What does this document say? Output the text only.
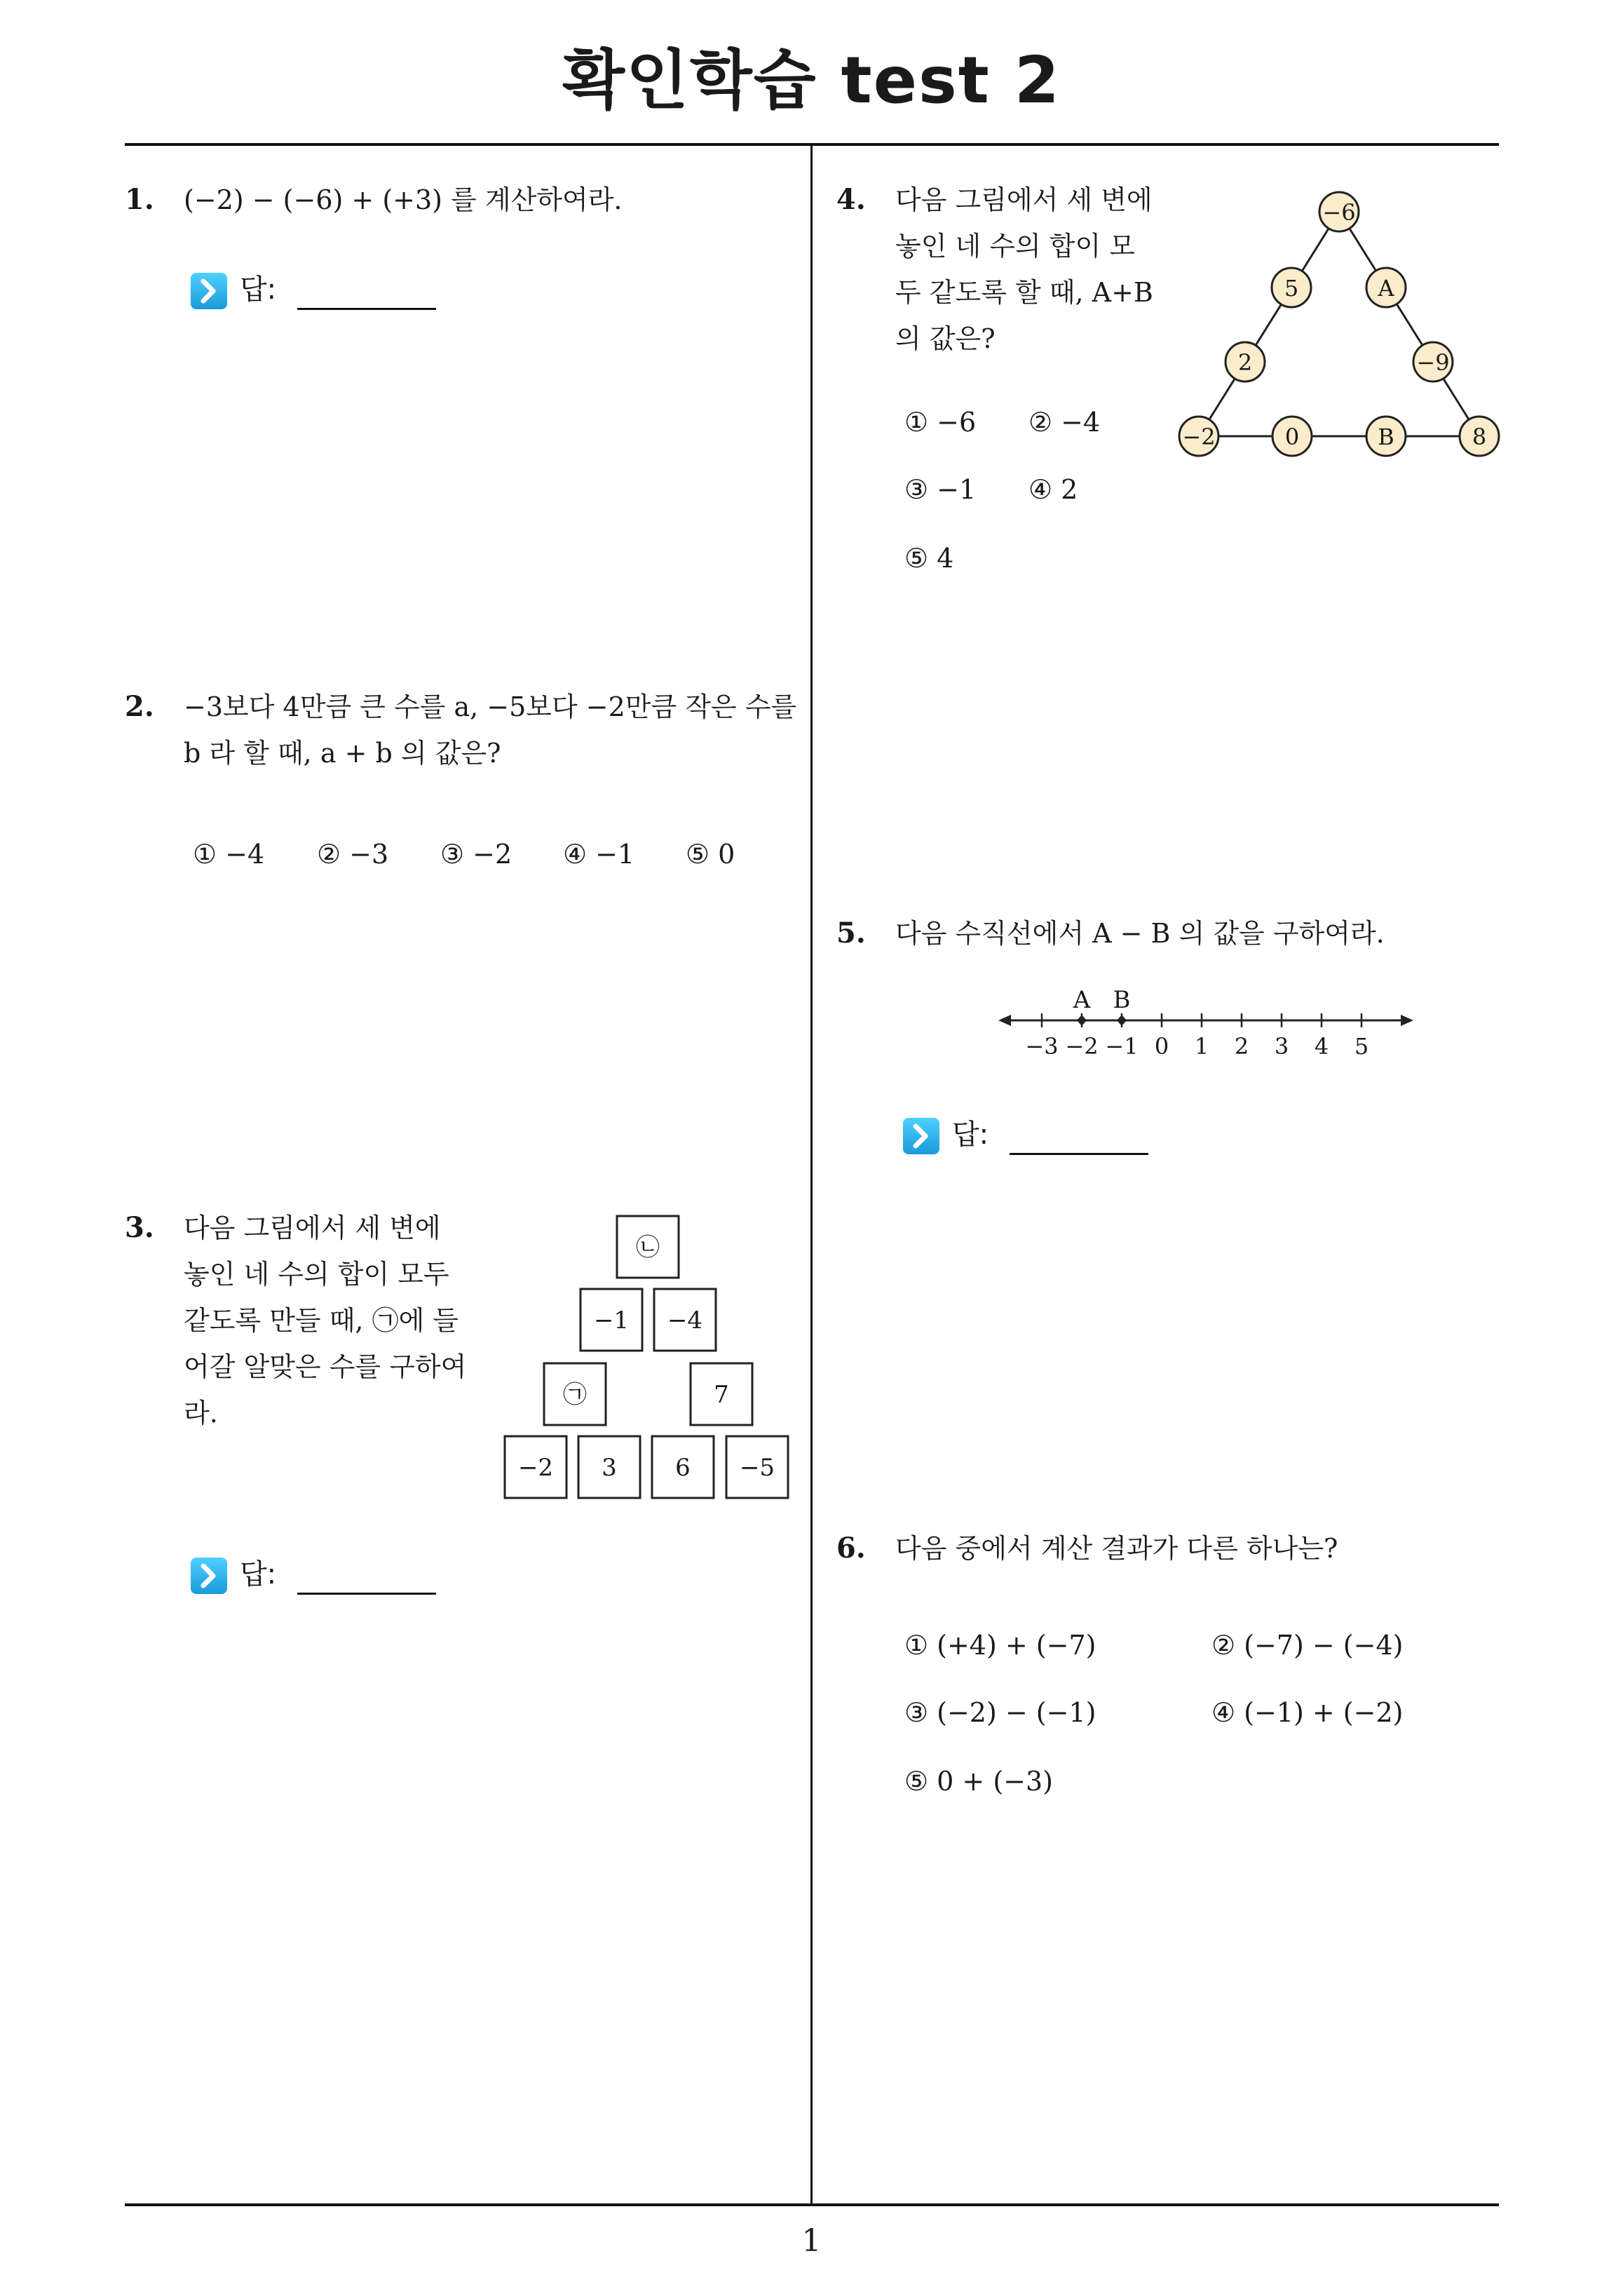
확인학습 test 2
1
1. (−2) − (−6) + (+3) 를 계산하여라.
답:
2. −3보다 4만큼 큰 수를 a, −5보다 −2만큼 작은 수를
b 라 할 때, a + b 의 값은?
① −4 ② −3 ③ −2 ④ −1 ⑤ 0
3. 다음 그림에서 세 변에
놓인 네 수의 합이 모두
같도록 만들 때, ㉠에 들
어갈 알맞은 수를 구하여
라.
㉡
−1 −4
㉠	7
−2 3 6 −5
답:
4. 다음 그림에서 세 변에
놓인 네 수의 합이 모
두 같도록 할 때, A+B
의 값은?
① −6 ② −4
③ −1 ④ 2
⑤ 4
−6
5
2
A
−9
−2	0	B	8
5. 다음 수직선에서 A − B 의 값을 구하여라.
−3 −2 −1 0 1 2 3 4 5
A B
답:
6. 다음 중에서 계산 결과가 다른 하나는?
① (+4) + (−7)	② (−7) − (−4)
③ (−2) − (−1)	④ (−1) + (−2)
⑤ 0 + (−3)
